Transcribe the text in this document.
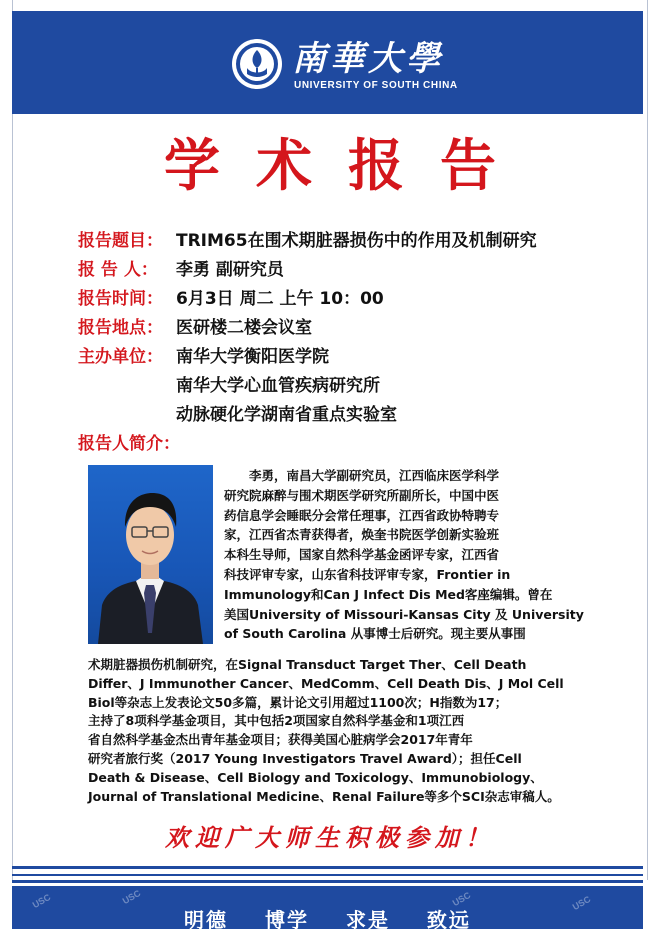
南華大學
UNIVERSITY OF SOUTH CHINA
学术报告
报告题目： TRIM65在围术期脏器损伤中的作用及机制研究
报 告 人： 李勇 副研究员
报告时间： 6月3日 周二 上午 10：00
报告地点： 医研楼二楼会议室
主办单位： 南华大学衡阳医学院
南华大学心血管疾病研究所
动脉硬化学湖南省重点实验室
报告人简介：
　　李勇，南昌大学副研究员，江西临床医学科学
研究院麻醉与围术期医学研究所副所长，中国中医
药信息学会睡眠分会常任理事，江西省政协特聘专
家，江西省杰青获得者，焕奎书院医学创新实验班
本科生导师，国家自然科学基金函评专家，江西省
科技评审专家，山东省科技评审专家，Frontier in
Immunology和Can J Infect Dis Med客座编辑。曾在
美国University of Missouri-Kansas City 及 University
of South Carolina 从事博士后研究。现主要从事围
术期脏器损伤机制研究，在Signal Transduct Target Ther、Cell Death
Differ、J Immunother Cancer、MedComm、Cell Death Dis、J Mol Cell
Biol等杂志上发表论文50多篇，累计论文引用超过1100次；H指数为17；
主持了8项科学基金项目，其中包括2项国家自然科学基金和1项江西
省自然科学基金杰出青年基金项目；获得美国心脏病学会2017年青年
研究者旅行奖（2017 Young Investigators Travel Award）；担任Cell
Death & Disease、Cell Biology and Toxicology、Immunobiology、
Journal of Translational Medicine、Renal Failure等多个SCI杂志审稿人。
欢迎广大师生积极参加！
USC	USC	USC	USC
明德 博学 求是 致远
